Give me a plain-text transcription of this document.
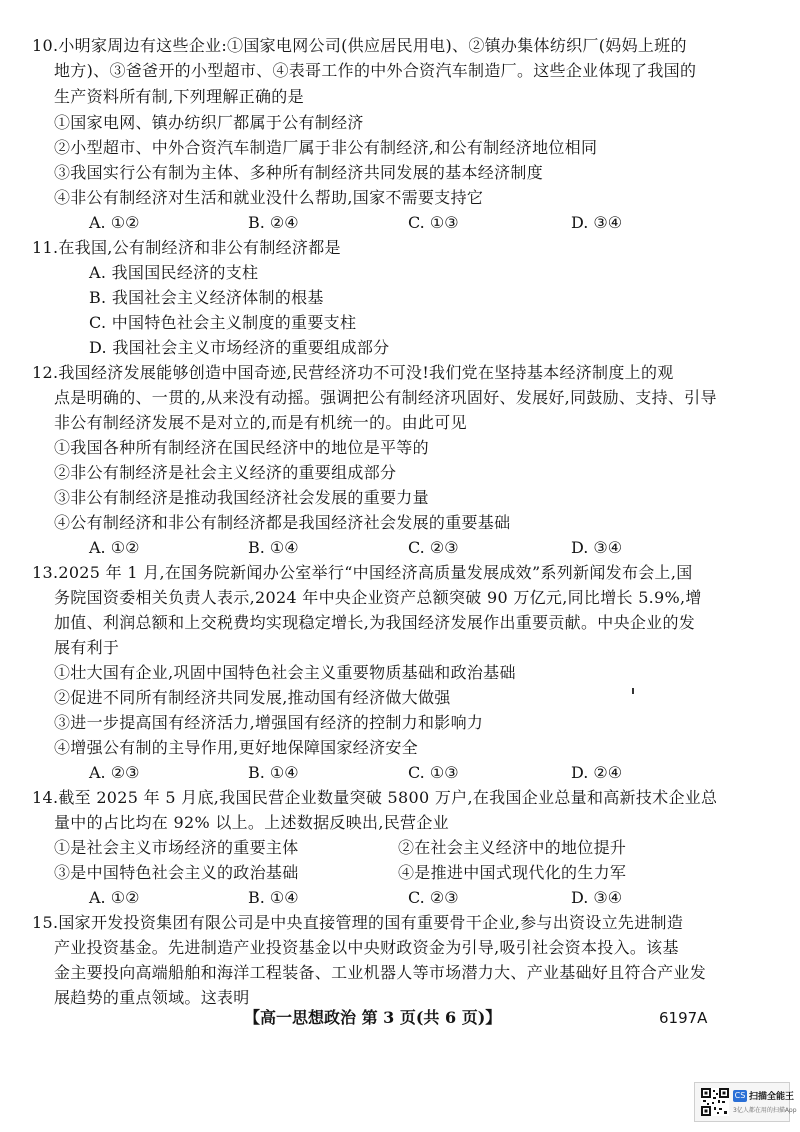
10.小明家周边有这些企业:①国家电网公司(供应居民用电)、②镇办集体纺织厂(妈妈上班的
地方)、③爸爸开的小型超市、④表哥工作的中外合资汽车制造厂。这些企业体现了我国的
生产资料所有制,下列理解正确的是
①国家电网、镇办纺织厂都属于公有制经济
②小型超市、中外合资汽车制造厂属于非公有制经济,和公有制经济地位相同
③我国实行公有制为主体、多种所有制经济共同发展的基本经济制度
④非公有制经济对生活和就业没什么帮助,国家不需要支持它
A. ①②	B. ②④	C. ①③	D. ③④
11.在我国,公有制经济和非公有制经济都是
A. 我国国民经济的支柱
B. 我国社会主义经济体制的根基
C. 中国特色社会主义制度的重要支柱
D. 我国社会主义市场经济的重要组成部分
12.我国经济发展能够创造中国奇迹,民营经济功不可没!我们党在坚持基本经济制度上的观
点是明确的、一贯的,从来没有动摇。强调把公有制经济巩固好、发展好,同鼓励、支持、引导
非公有制经济发展不是对立的,而是有机统一的。由此可见
①我国各种所有制经济在国民经济中的地位是平等的
②非公有制经济是社会主义经济的重要组成部分
③非公有制经济是推动我国经济社会发展的重要力量
④公有制经济和非公有制经济都是我国经济社会发展的重要基础
A. ①②	B. ①④	C. ②③	D. ③④
13.2025 年 1 月,在国务院新闻办公室举行“中国经济高质量发展成效”系列新闻发布会上,国
务院国资委相关负责人表示,2024 年中央企业资产总额突破 90 万亿元,同比增长 5.9%,增
加值、利润总额和上交税费均实现稳定增长,为我国经济发展作出重要贡献。中央企业的发
展有利于
①壮大国有企业,巩固中国特色社会主义重要物质基础和政治基础
②促进不同所有制经济共同发展,推动国有经济做大做强
③进一步提高国有经济活力,增强国有经济的控制力和影响力
④增强公有制的主导作用,更好地保障国家经济安全
A. ②③	B. ①④	C. ①③	D. ②④
14.截至 2025 年 5 月底,我国民营企业数量突破 5800 万户,在我国企业总量和高新技术企业总
量中的占比均在 92% 以上。上述数据反映出,民营企业
①是社会主义市场经济的重要主体	②在社会主义经济中的地位提升
③是中国特色社会主义的政治基础	④是推进中国式现代化的生力军
A. ①②	B. ①④	C. ②③	D. ③④
15.国家开发投资集团有限公司是中央直接管理的国有重要骨干企业,参与出资设立先进制造
产业投资基金。先进制造产业投资基金以中央财政资金为引导,吸引社会资本投入。该基
金主要投向高端船舶和海洋工程装备、工业机器人等市场潜力大、产业基础好且符合产业发
展趋势的重点领域。这表明
【高一思想政治 第 3 页(共 6 页)】	6197A
CS 扫描全能王
3亿人都在用的扫描App
